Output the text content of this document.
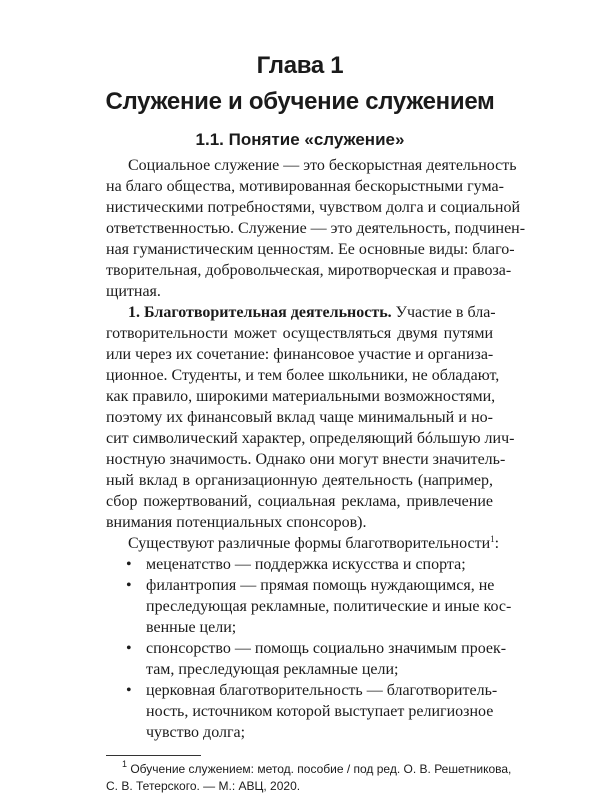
Глава 1
Служение и обучение служением
1.1. Понятие «служение»
Социальное служение — это бескорыстная деятельность
на благо общества, мотивированная бескорыстными гума-
нистическими потребностями, чувством долга и социальной
ответственностью. Служение — это деятельность, подчинен-
ная гуманистическим ценностям. Ее основные виды: благо-
творительная, добровольческая, миротворческая и правоза-
щитная.
1. Благотворительная деятельность. Участие в бла-
готворительности может осуществляться двумя путями
или через их сочетание: финансовое участие и организа-
ционное. Студенты, и тем более школьники, не обладают,
как правило, широкими материальными возможностями,
поэтому их финансовый вклад чаще минимальный и но-
сит символический характер, определяющий бóльшую лич-
ностную значимость. Однако они могут внести значитель-
ный вклад в организационную деятельность (например,
сбор пожертвований, социальная реклама, привлечение
внимания потенциальных спонсоров).
Существуют различные формы благотворительности$^1$:
• меценатство — поддержка искусства и спорта;
• филантропия — прямая помощь нуждающимся, не
преследующая рекламные, политические и иные кос-
венные цели;
• спонсорство — помощь социально значимым проек-
там, преследующая рекламные цели;
• церковная благотворительность — благотворитель-
ность, источником которой выступает религиозное
чувство долга;
$^1$ Обучение служением: метод. пособие / под ред. О. В. Решетникова,
С. В. Тетерского. — М.: АВЦ, 2020.
